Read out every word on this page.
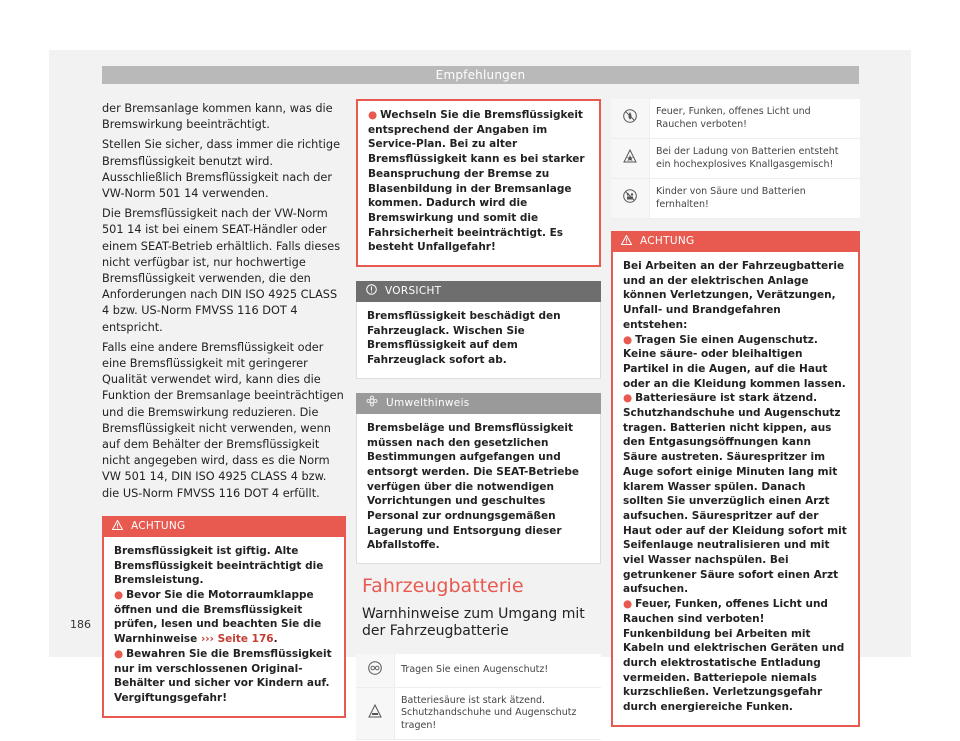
Empfehlungen

der Bremsanlage kommen kann, was die Bremswirkung beeinträchtigt.

Stellen Sie sicher, dass immer die richtige Bremsflüssigkeit benutzt wird. Ausschließlich Bremsflüssigkeit nach der VW-Norm 501 14 verwenden.

Die Bremsflüssigkeit nach der VW-Norm 501 14 ist bei einem SEAT-Händler oder einem SEAT-Betrieb erhältlich. Falls dieses nicht verfügbar ist, nur hochwertige Bremsflüssigkeit verwenden, die den Anforderungen nach DIN ISO 4925 CLASS 4 bzw. US-Norm FMVSS 116 DOT 4 entspricht.

Falls eine andere Bremsflüssigkeit oder eine Bremsflüssigkeit mit geringerer Qualität verwendet wird, kann dies die Funktion der Bremsanlage beeinträchtigen und die Bremswirkung reduzieren. Die Bremsflüssigkeit nicht verwenden, wenn auf dem Behälter der Bremsflüssigkeit nicht angegeben wird, dass es die Norm VW 501 14, DIN ISO 4925 CLASS 4 bzw. die US-Norm FMVSS 116 DOT 4 erfüllt.

ACHTUNG
Bremsflüssigkeit ist giftig. Alte Bremsflüssigkeit beeinträchtigt die Bremsleistung.
● Bevor Sie die Motorraumklappe öffnen und die Bremsflüssigkeit prüfen, lesen und beachten Sie die Warnhinweise ››› Seite 176.
● Bewahren Sie die Bremsflüssigkeit nur im verschlossenen Original-Behälter und sicher vor Kindern auf. Vergiftungsgefahr!
● Wechseln Sie die Bremsflüssigkeit entsprechend der Angaben im Service-Plan. Bei zu alter Bremsflüssigkeit kann es bei starker Beanspruchung der Bremse zu Blasenbildung in der Bremsanlage kommen. Dadurch wird die Bremswirkung und somit die Fahrsicherheit beeinträchtigt. Es besteht Unfallgefahr!
VORSICHT
Bremsflüssigkeit beschädigt den Fahrzeuglack. Wischen Sie Bremsflüssigkeit auf dem Fahrzeuglack sofort ab.
Umwelthinweis
Bremsbeläge und Bremsflüssigkeit müssen nach den gesetzlichen Bestimmungen aufgefangen und entsorgt werden. Die SEAT-Betriebe verfügen über die notwendigen Vorrichtungen und geschultes Personal zur ordnungsgemäßen Lagerung und Entsorgung dieser Abfallstoffe.
Fahrzeugbatterie
Warnhinweise zum Umgang mit der Fahrzeugbatterie
	Tragen Sie einen Augenschutz!
	Batteriesäure ist stark ätzend. Schutzhandschuhe und Augenschutz tragen!
	Feuer, Funken, offenes Licht und Rauchen verboten!
	Bei der Ladung von Batterien entsteht ein hochexplosives Knallgasgemisch!
	Kinder von Säure und Batterien fernhalten!
ACHTUNG
Bei Arbeiten an der Fahrzeugbatterie und an der elektrischen Anlage können Verletzungen, Verätzungen, Unfall- und Brandgefahren entstehen:
● Tragen Sie einen Augenschutz. Keine säure- oder bleihaltigen Partikel in die Augen, auf die Haut oder an die Kleidung kommen lassen.
● Batteriesäure ist stark ätzend. Schutzhandschuhe und Augenschutz tragen. Batterien nicht kippen, aus den Entgasungsöffnungen kann Säure austreten. Säurespritzer im Auge sofort einige Minuten lang mit klarem Wasser spülen. Danach sollten Sie unverzüglich einen Arzt aufsuchen. Säurespritzer auf der Haut oder auf der Kleidung sofort mit Seifenlauge neutralisieren und mit viel Wasser nachspülen. Bei getrunkener Säure sofort einen Arzt aufsuchen.
● Feuer, Funken, offenes Licht und Rauchen sind verboten! Funkenbildung bei Arbeiten mit Kabeln und elektrischen Geräten und durch elektrostatische Entladung vermeiden. Batteriepole niemals kurzschließen. Verletzungsgefahr durch energiereiche Funken.
186
